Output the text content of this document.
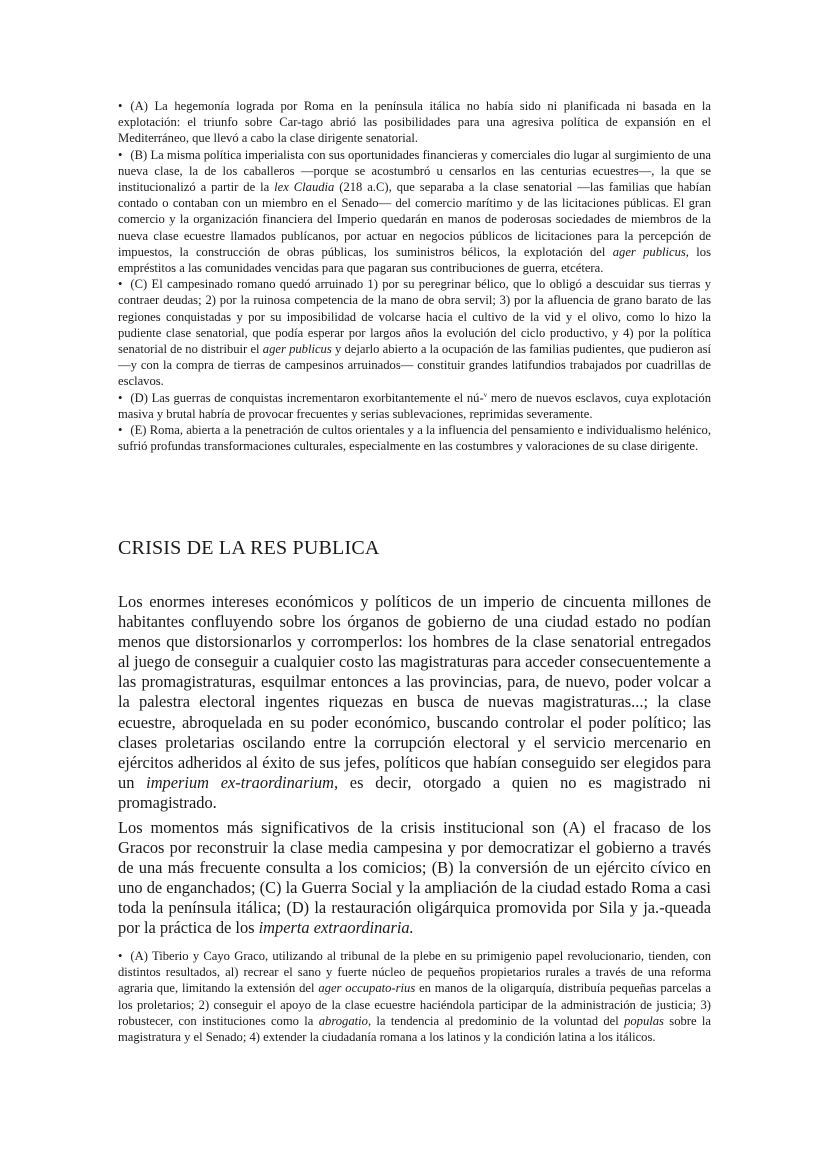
• (A) La hegemonía lograda por Roma en la península itálica no había sido ni planificada ni basada en la explotación: el triunfo sobre Car-tago abrió las posibilidades para una agresiva política de expansión en el Mediterráneo, que llevó a cabo la clase dirigente senatorial.

• (B) La misma política imperialista con sus oportunidades financieras y comerciales dio lugar al surgimiento de una nueva clase, la de los caballeros —porque se acostumbró u censarlos en las centurias ecuestres—, la que se institucionalizó a partir de la lex Claudia (218 a.C), que separaba a la clase senatorial —las familias que habían contado o contaban con un miembro en el Senado— del comercio marítimo y de las licitaciones públicas. El gran comercio y la organización financiera del Imperio quedarán en manos de poderosas sociedades de miembros de la nueva clase ecuestre llamados publícanos, por actuar en negocios públicos de licitaciones para la percepción de impuestos, la construcción de obras públicas, los suministros bélicos, la explotación del ager publicus, los empréstitos a las comunidades vencidas para que pagaran sus contribuciones de guerra, etcétera.

• (C) El campesinado romano quedó arruinado 1) por su peregrinar bélico, que lo obligó a descuidar sus tierras y contraer deudas; 2) por la ruinosa competencia de la mano de obra servil; 3) por la afluencia de grano barato de las regiones conquistadas y por su imposibilidad de volcarse hacia el cultivo de la vid y el olivo, como lo hizo la pudiente clase senatorial, que podía esperar por largos años la evolución del ciclo productivo, y 4) por la política senatorial de no distribuir el ager publicus y dejarlo abierto a la ocupación de las familias pudientes, que pudieron así —y con la compra de tierras de campesinos arruinados— constituir grandes latifundios trabajados por cuadrillas de esclavos.

• (D) Las guerras de conquistas incrementaron exorbitantemente el nú-$^v$ mero de nuevos esclavos, cuya explotación masiva y brutal habría de provocar frecuentes y serias sublevaciones, reprimidas severamente.

• (E) Roma, abierta a la penetración de cultos orientales y a la influencia del pensamiento e individualismo helénico, sufrió profundas transformaciones culturales, especialmente en las costumbres y valoraciones de su clase dirigente.

CRISIS DE LA RES PUBLICA

Los enormes intereses económicos y políticos de un imperio de cincuenta millones de habitantes confluyendo sobre los órganos de gobierno de una ciudad estado no podían menos que distorsionarlos y corromperlos: los hombres de la clase senatorial entregados al juego de conseguir a cualquier costo las magistraturas para acceder consecuentemente a las promagistraturas, esquilmar entonces a las provincias, para, de nuevo, poder volcar a la palestra electoral ingentes riquezas en busca de nuevas magistraturas...; la clase ecuestre, abroquelada en su poder económico, buscando controlar el poder político; las clases proletarias oscilando entre la corrupción electoral y el servicio mercenario en ejércitos adheridos al éxito de sus jefes, políticos que habían conseguido ser elegidos para un imperium ex-traordinarium, es decir, otorgado a quien no es magistrado ni promagistrado.

Los momentos más significativos de la crisis institucional son (A) el fracaso de los Gracos por reconstruir la clase media campesina y por democratizar el gobierno a través de una más frecuente consulta a los comicios; (B) la conversión de un ejército cívico en uno de enganchados; (C) la Guerra Social y la ampliación de la ciudad estado Roma a casi toda la península itálica; (D) la restauración oligárquica promovida por Sila y ja.-queada por la práctica de los imperta extraordinaria.

• (A) Tiberio y Cayo Graco, utilizando al tribunal de la plebe en su primigenio papel revolucionario, tienden, con distintos resultados, al) recrear el sano y fuerte núcleo de pequeños propietarios rurales a través de una reforma agraria que, limitando la extensión del ager occupato-rius en manos de la oligarquía, distribuía pequeñas parcelas a los proletarios; 2) conseguir el apoyo de la clase ecuestre haciéndola participar de la administración de justicia; 3) robustecer, con instituciones como la abrogatio, la tendencia al predominio de la voluntad del populas sobre la magistratura y el Senado; 4) extender la ciudadanía romana a los latinos y la condición latina a los itálicos.
